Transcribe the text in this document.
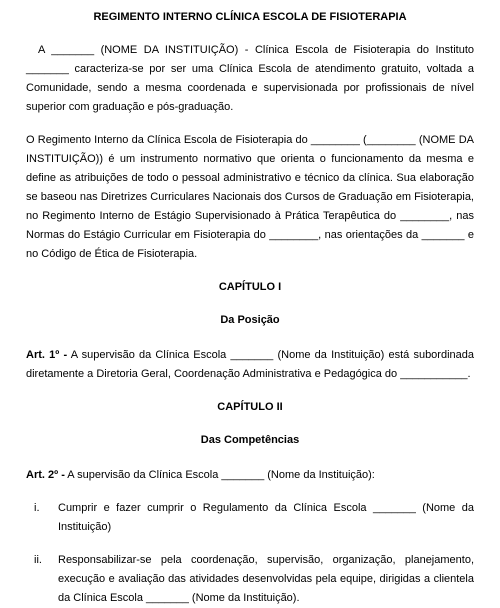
REGIMENTO INTERNO CLÍNICA ESCOLA DE FISIOTERAPIA
A _______ (NOME DA INSTITUIÇÃO) - Clínica Escola de Fisioterapia do Instituto _______ caracteriza-se por ser uma Clínica Escola de atendimento gratuito, voltada a Comunidade, sendo a mesma coordenada e supervisionada por profissionais de nível superior com graduação e pós-graduação.
O Regimento Interno da Clínica Escola de Fisioterapia do ________ (________ (NOME DA INSTITUIÇÃO)) é um instrumento normativo que orienta o funcionamento da mesma e define as atribuições de todo o pessoal administrativo e técnico da clínica. Sua elaboração se baseou nas Diretrizes Curriculares Nacionais dos Cursos de Graduação em Fisioterapia, no Regimento Interno de Estágio Supervisionado à Prática Terapêutica do ________, nas Normas do Estágio Curricular em Fisioterapia do ________, nas orientações da _______ e no Código de Ética de Fisioterapia.
CAPÍTULO I
Da Posição
Art. 1º - A supervisão da Clínica Escola _______ (Nome da Instituição) está subordinada diretamente a Diretoria Geral, Coordenação Administrativa e Pedagógica do ___________.
CAPÍTULO II
Das Competências
Art. 2º - A supervisão da Clínica Escola _______ (Nome da Instituição):
i.	Cumprir e fazer cumprir o Regulamento da Clínica Escola _______ (Nome da Instituição)
ii.	Responsabilizar-se pela coordenação, supervisão, organização, planejamento, execução e avaliação das atividades desenvolvidas pela equipe, dirigidas a clientela da Clínica Escola _______ (Nome da Instituição).
